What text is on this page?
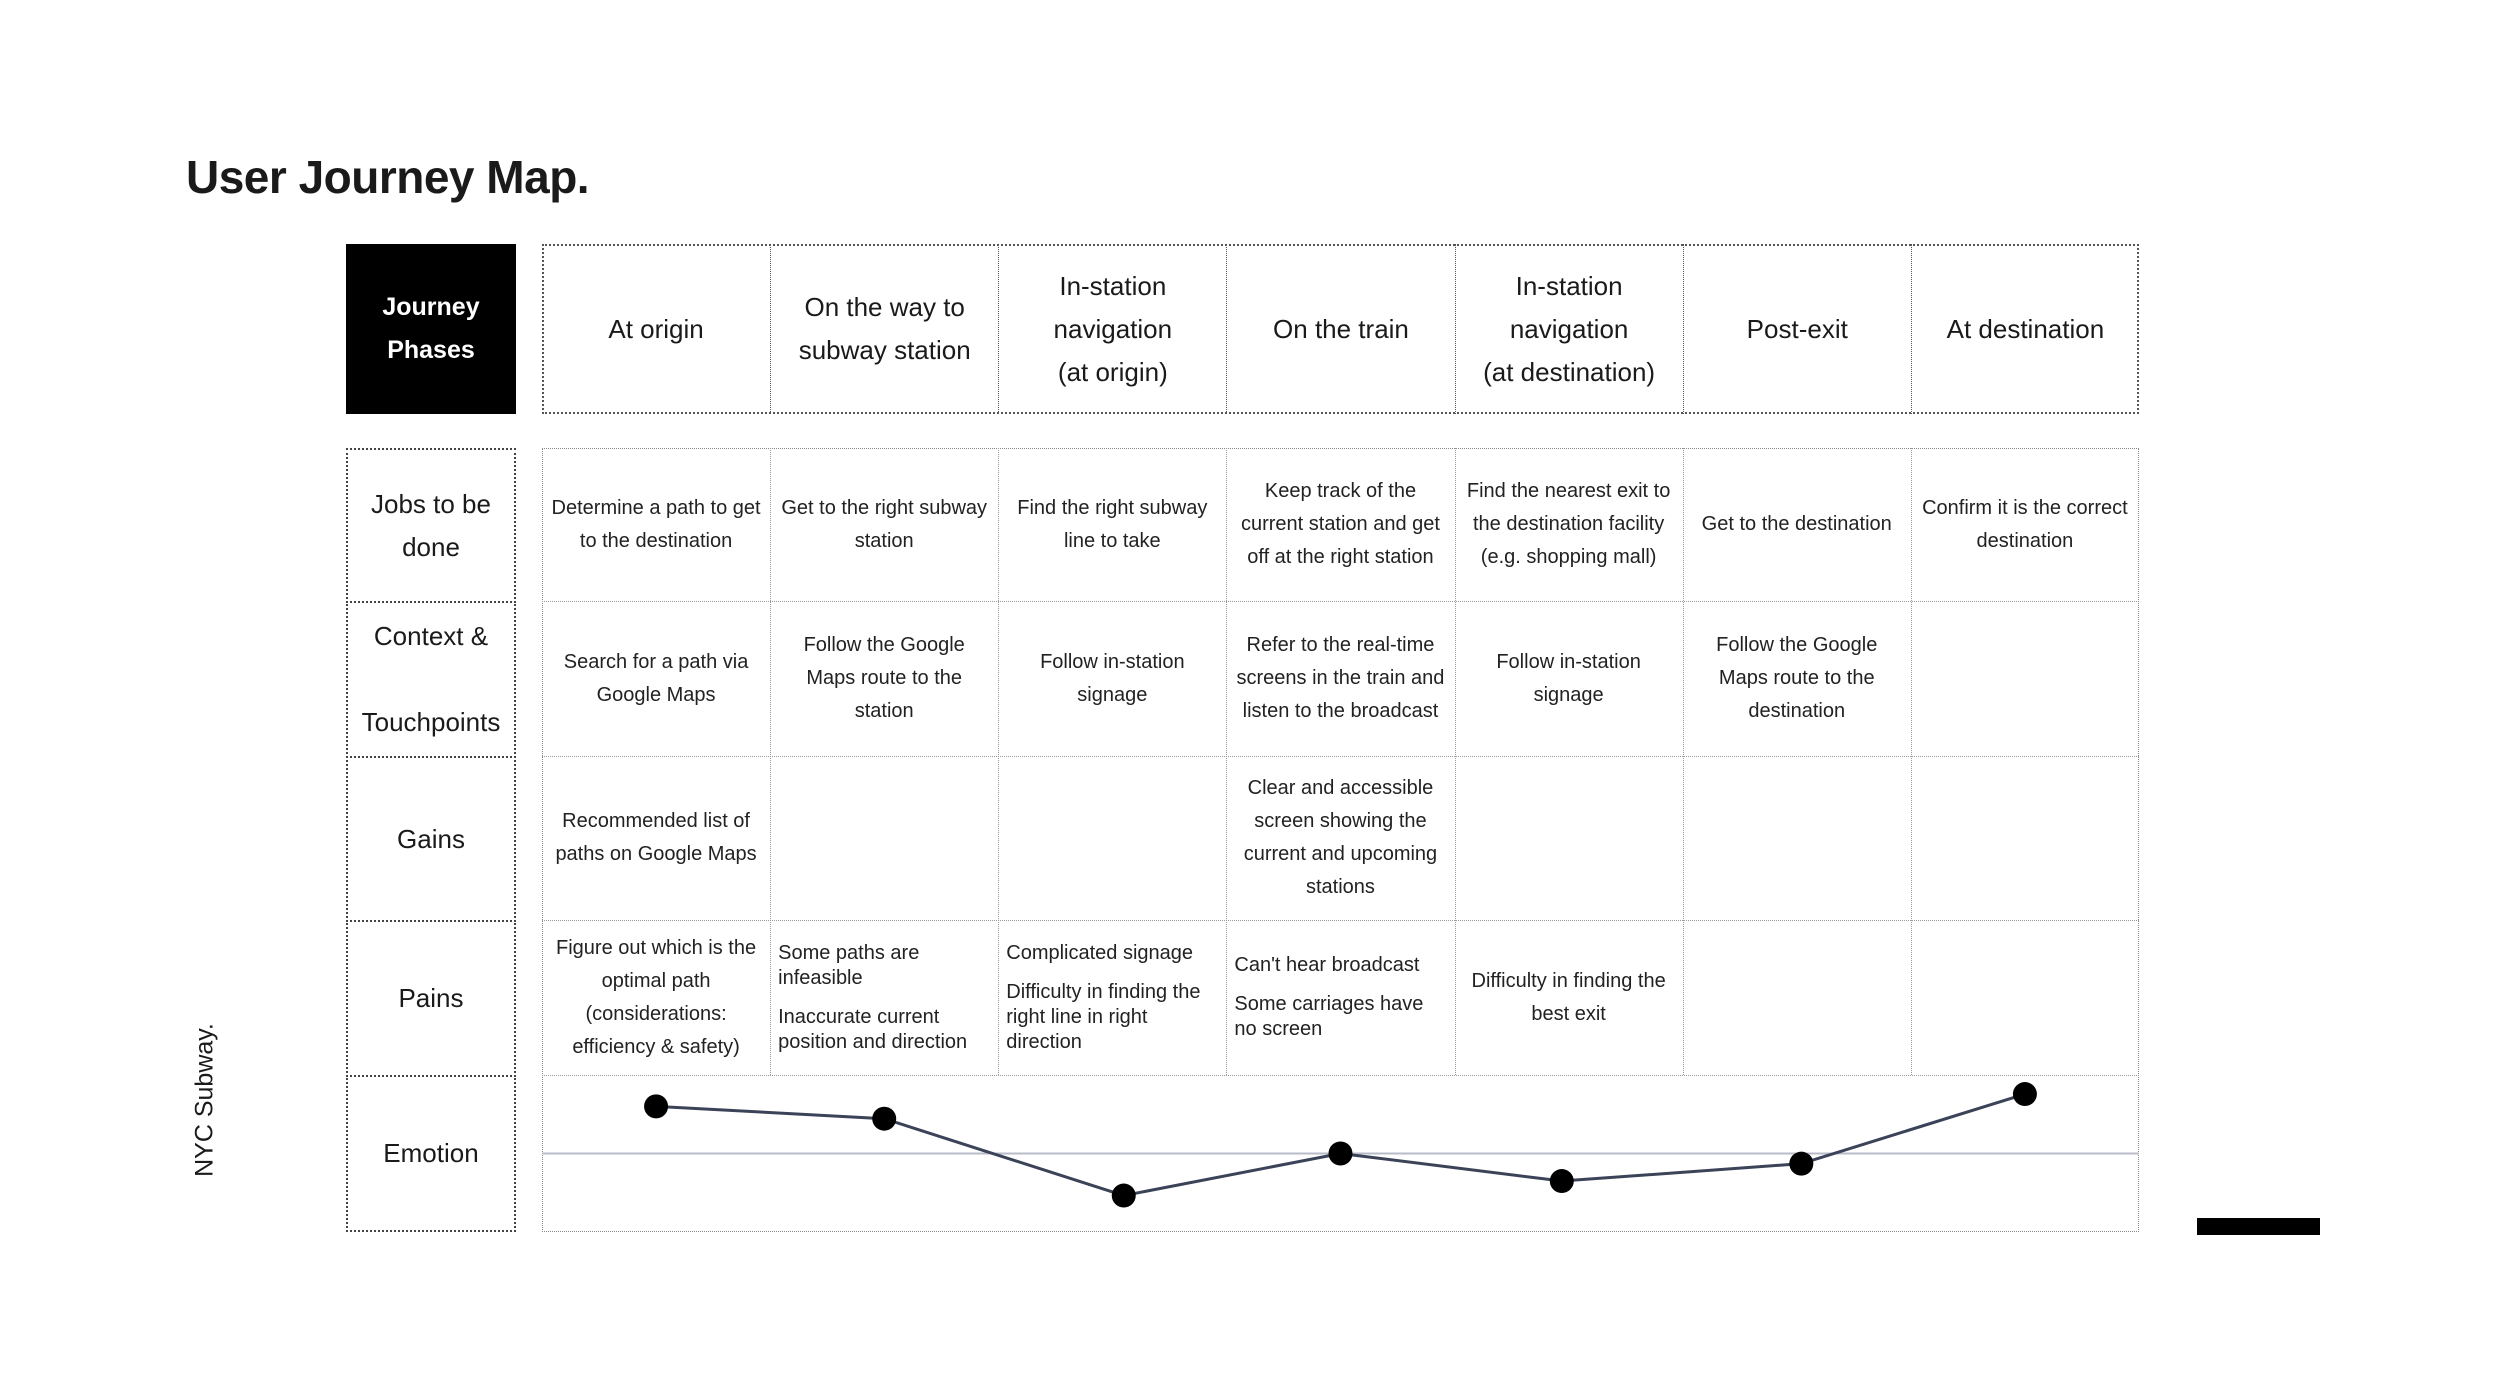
User Journey Map.
NYC Subway.
Journey
Phases
At origin
On the way to
subway station
In-station
navigation
(at origin)
On the train
In-station
navigation
(at destination)
Post-exit	At destination
Jobs to be
done
Context &

Touchpoints
Gains
Pains
Emotion
Determine a path to get to the destination
Get to the right subway station
Find the right subway line to take
Keep track of the current station and get off at the right station
Find the nearest exit to the destination facility (e.g. shopping mall)
Get to the destination
Confirm it is the correct destination
Search for a path via Google Maps
Follow the Google Maps route to the station
Follow in-station signage
Refer to the real-time screens in the train and listen to the broadcast
Follow in-station signage
Follow the Google Maps route to the destination
Recommended list of paths on Google Maps
Clear and accessible screen showing the current and upcoming stations
Figure out which is the optimal path (considerations: efficiency & safety)
Some paths are infeasible
Inaccurate current position and direction
Complicated signage
Difficulty in finding the right line in right direction
Can't hear broadcast
Some carriages have no screen
Difficulty in finding the best exit
